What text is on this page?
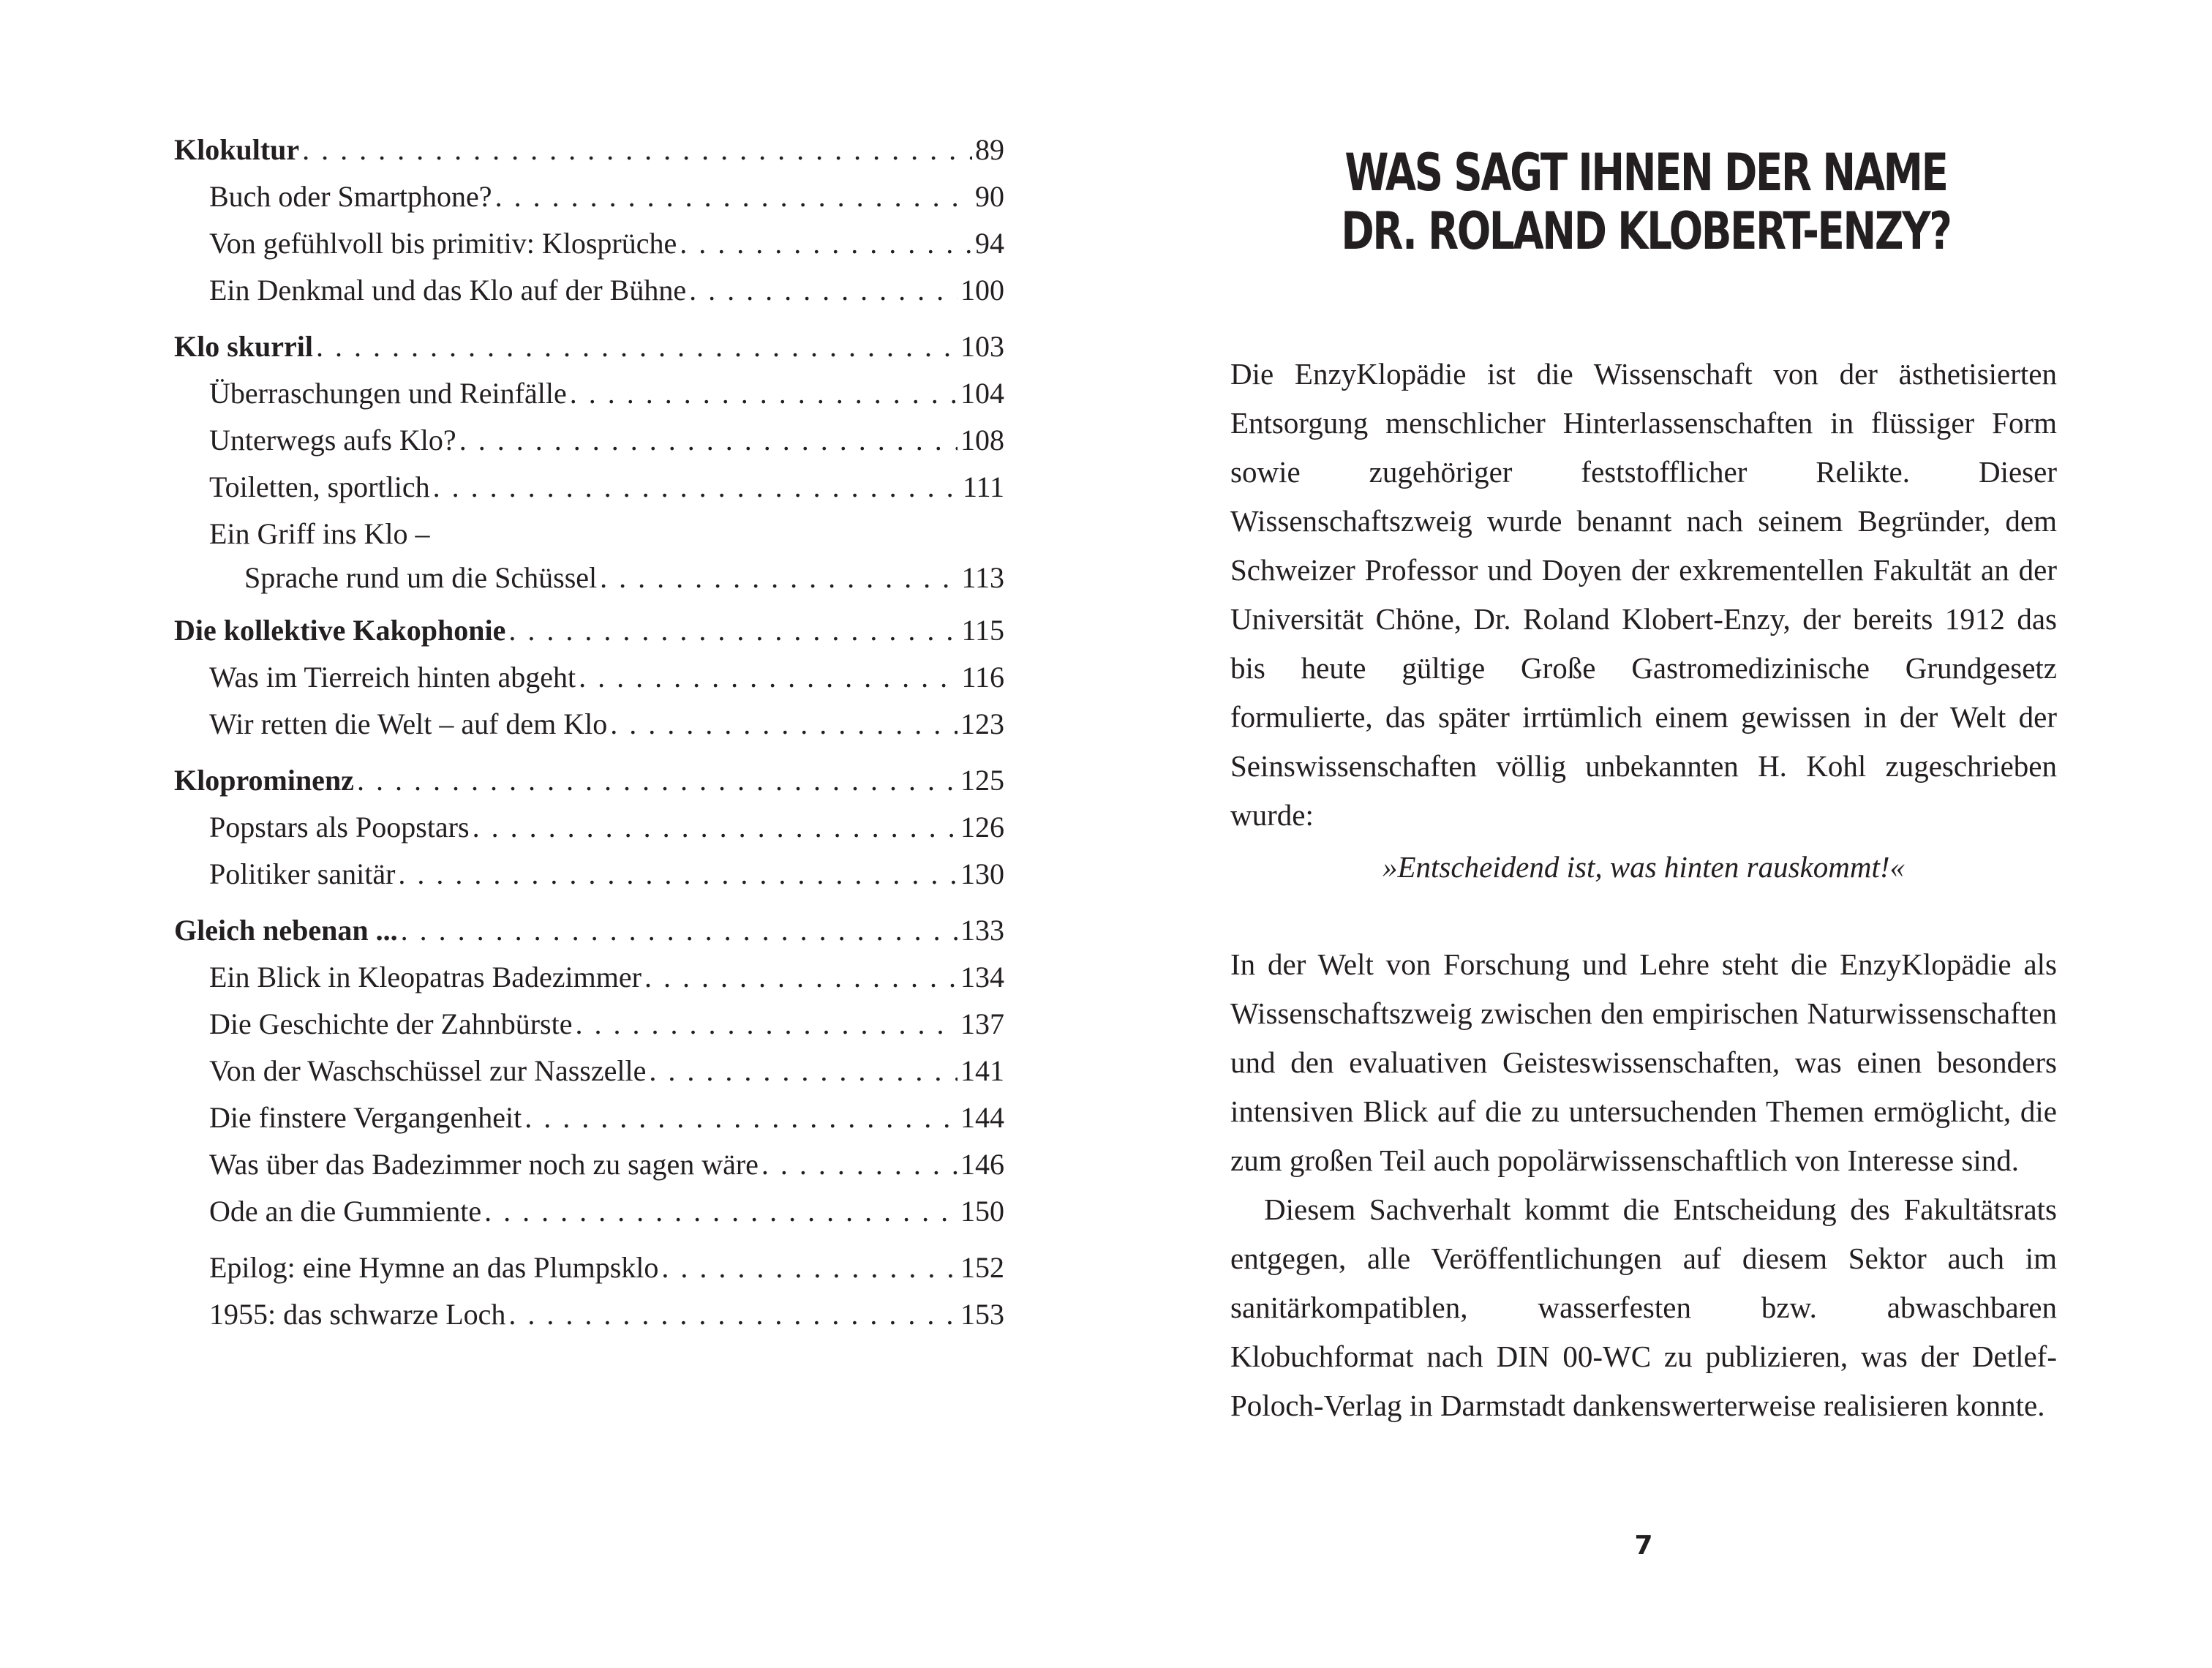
Klokultur . . .	89
Buch oder Smartphone? . . .	90
Von gefühlvoll bis primitiv: Klosprüche . . .	94
Ein Denkmal und das Klo auf der Bühne . . .	100
Klo skurril . . .	103
Überraschungen und Reinfälle . . .	104
Unterwegs aufs Klo? . . .	108
Toiletten, sportlich . . .	111
Ein Griff ins Klo –
Sprache rund um die Schüssel . . .	113
Die kollektive Kakophonie . . .	115
Was im Tierreich hinten abgeht . . .	116
Wir retten die Welt – auf dem Klo . . .	123
Kloprominenz . . .	125
Popstars als Poopstars . . .	126
Politiker sanitär . . .	130
Gleich nebenan ... . . .	133
Ein Blick in Kleopatras Badezimmer . . .	134
Die Geschichte der Zahnbürste . . .	137
Von der Waschschüssel zur Nasszelle . . .	141
Die finstere Vergangenheit . . .	144
Was über das Badezimmer noch zu sagen wäre . . .	146
Ode an die Gummiente . . .	150
Epilog: eine Hymne an das Plumpsklo . . .	152
1955: das schwarze Loch . . .	153
WAS SAGT IHNEN DER NAME
DR. ROLAND KLOBERT-ENZY?

Die EnzyKlopädie ist die Wissenschaft von der ästhetisierten Entsorgung menschlicher Hinterlassenschaften in flüssiger Form sowie zugehöriger feststofflicher Relikte. Dieser Wissenschaftszweig wurde benannt nach seinem Begründer, dem Schweizer Professor und Doyen der exkrementellen Fakultät an der Universität Chöne, Dr. Roland Klobert-Enzy, der bereits 1912 das bis heute gültige Große Gastromedizinische Grundgesetz formulierte, das später irrtümlich einem gewissen in der Welt der Seinswissenschaften völlig unbekannten H. Kohl zugeschrieben wurde:

»Entscheidend ist, was hinten rauskommt!«

In der Welt von Forschung und Lehre steht die EnzyKlopädie als Wissenschaftszweig zwischen den empirischen Naturwissenschaften und den evaluativen Geisteswissenschaften, was einen besonders intensiven Blick auf die zu untersuchenden Themen ermöglicht, die zum großen Teil auch popolärwissenschaftlich von Interesse sind.

Diesem Sachverhalt kommt die Entscheidung des Fakultätsrats entgegen, alle Veröffentlichungen auf diesem Sektor auch im sanitärkompatiblen, wasserfesten bzw. abwaschbaren Klobuchformat nach DIN 00-WC zu publizieren, was der Detlef-Poloch-Verlag in Darmstadt dankenswerterweise realisieren konnte.

7
